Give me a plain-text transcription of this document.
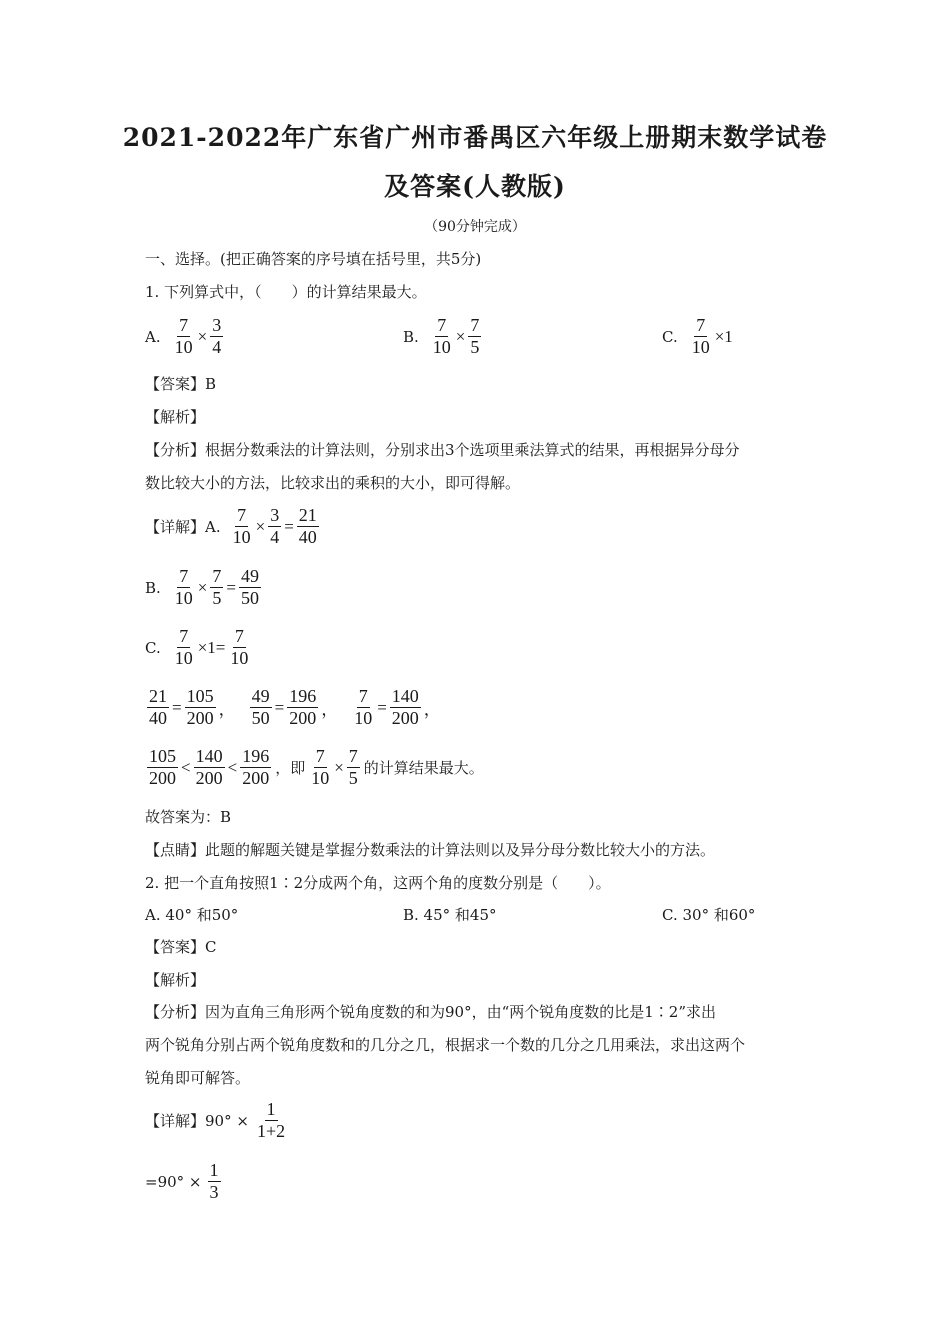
2021-2022年广东省广州市番禺区六年级上册期末数学试卷
及答案(人教版)
（90分钟完成）
一、选择。(把正确答案的序号填在括号里，共5分)
1. 下列算式中，（　　）的计算结果最大。
A. $\frac{7}{10} \times \frac{3}{4}$	B. $\frac{7}{10} \times \frac{7}{5}$	C. $\frac{7}{10} \times 1$
【答案】B
【解析】
【分析】根据分数乘法的计算法则，分别求出3个选项里乘法算式的结果，再根据异分母分
数比较大小的方法，比较求出的乘积的大小，即可得解。
【详解】A. $\frac{7}{10} \times \frac{3}{4} = \frac{21}{40}$
B. $\frac{7}{10} \times \frac{7}{5} = \frac{49}{50}$
C. $\frac{7}{10} \times 1= \frac{7}{10}$
$\frac{21}{40} = \frac{105}{200}$ ， $\frac{49}{50} = \frac{196}{200}$ ， $\frac{7}{10} = \frac{140}{200}$ ，
$\frac{105}{200} < \frac{140}{200} < \frac{196}{200}$ ，即 $\frac{7}{10} \times \frac{7}{5}$ 的计算结果最大。
故答案为：B
【点睛】此题的解题关键是掌握分数乘法的计算法则以及异分母分数比较大小的方法。
2. 把一个直角按照1∶2分成两个角，这两个角的度数分别是（　　）。
A. 40° 和50°	B. 45° 和45°	C. 30° 和60°
【答案】C
【解析】
【分析】因为直角三角形两个锐角度数的和为90°，由“两个锐角度数的比是1∶2”求出
两个锐角分别占两个锐角度数和的几分之几，根据求一个数的几分之几用乘法，求出这两个
锐角即可解答。
【详解】$90^\circ \times \frac{1}{1+2}$
$=90^\circ \times \frac{1}{3}$
